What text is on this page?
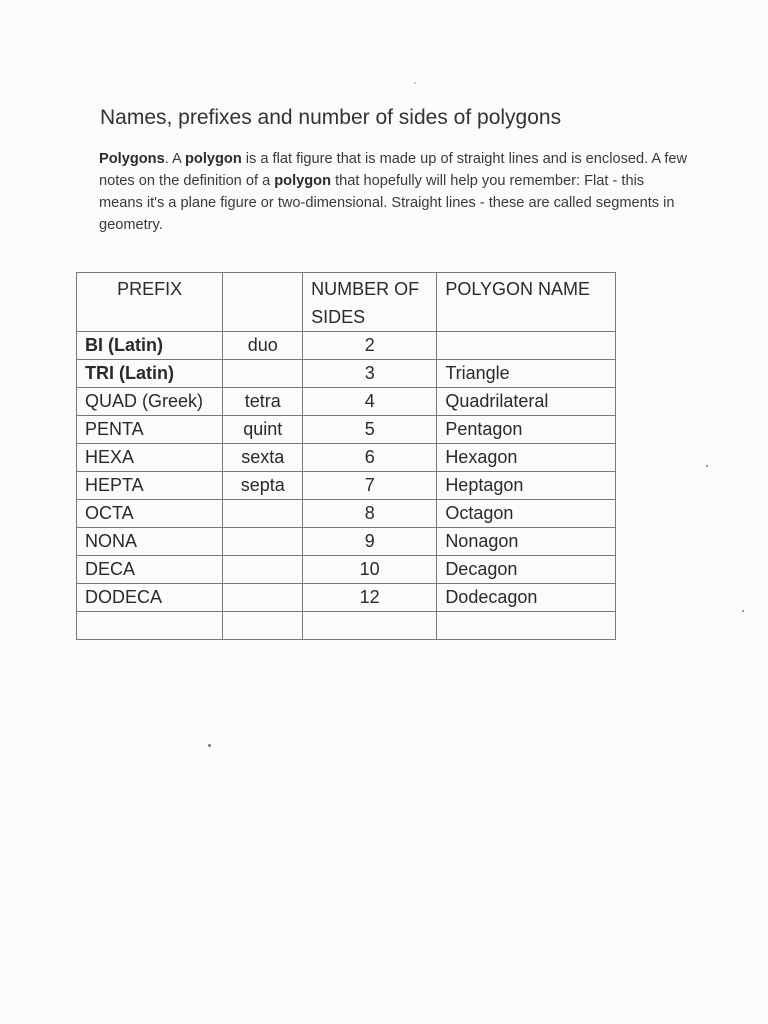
Names, prefixes and number of sides of polygons

Polygons. A polygon is a flat figure that is made up of straight lines and is enclosed. A few notes on the definition of a polygon that hopefully will help you remember: Flat - this means it's a plane figure or two-dimensional. Straight lines - these are called segments in geometry.

PREFIX		NUMBER OF SIDES	POLYGON NAME
BI (Latin)	duo	2	
TRI (Latin)		3	Triangle
QUAD (Greek)	tetra	4	Quadrilateral
PENTA	quint	5	Pentagon
HEXA	sexta	6	Hexagon
HEPTA	septa	7	Heptagon
OCTA		8	Octagon
NONA		9	Nonagon
DECA		10	Decagon
DODECA		12	Dodecagon
